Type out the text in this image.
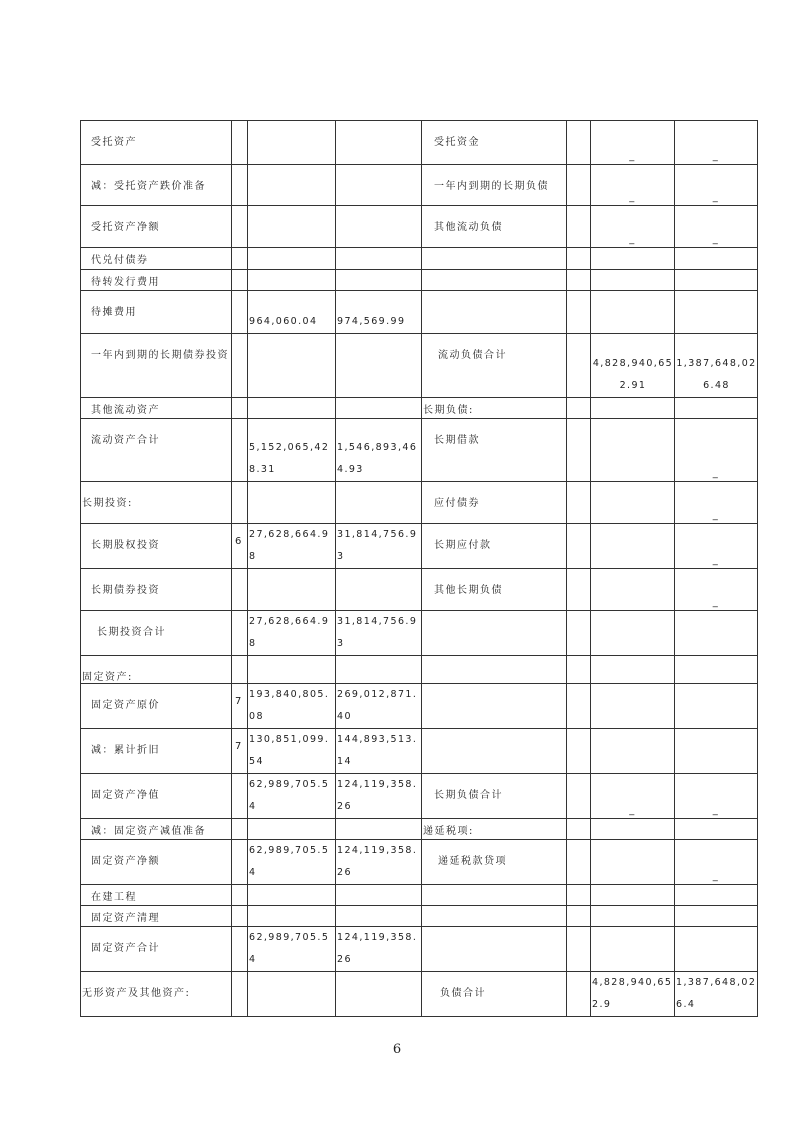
受托资产				受托资金		_	_

减：受托资产跌价准备				一年内到期的长期负债		_	_

受托资产净额				其他流动负债		_	_

代兑付债券							

待转发行费用							

待摊费用		964,060.04	974,569.99				

一年内到期的长期债券投资				流动负债合计		4,828,940,652.91	1,387,648,026.48

其他流动资产				长期负债:			

流动资产合计		5,152,065,428.31	1,546,893,464.93	长期借款			_

长期投资:				应付债券			_

长期股权投资	6	27,628,664.98	31,814,756.93	长期应付款			_

长期债券投资				其他长期负债			_

长期投资合计		27,628,664.98	31,814,756.93				

固定资产:							

固定资产原价	7	193,840,805.08	269,012,871.40				

减：累计折旧	7	130,851,099.54	144,893,513.14				

固定资产净值		62,989,705.54	124,119,358.26	长期负债合计		_	_

减：固定资产减值准备				递延税项:			

固定资产净额		62,989,705.54	124,119,358.26	递延税款贷项			_

在建工程							

固定资产清理							

固定资产合计		62,989,705.54	124,119,358.26				

无形资产及其他资产:				负债合计		4,828,940,652.9	1,387,648,026.4
6
